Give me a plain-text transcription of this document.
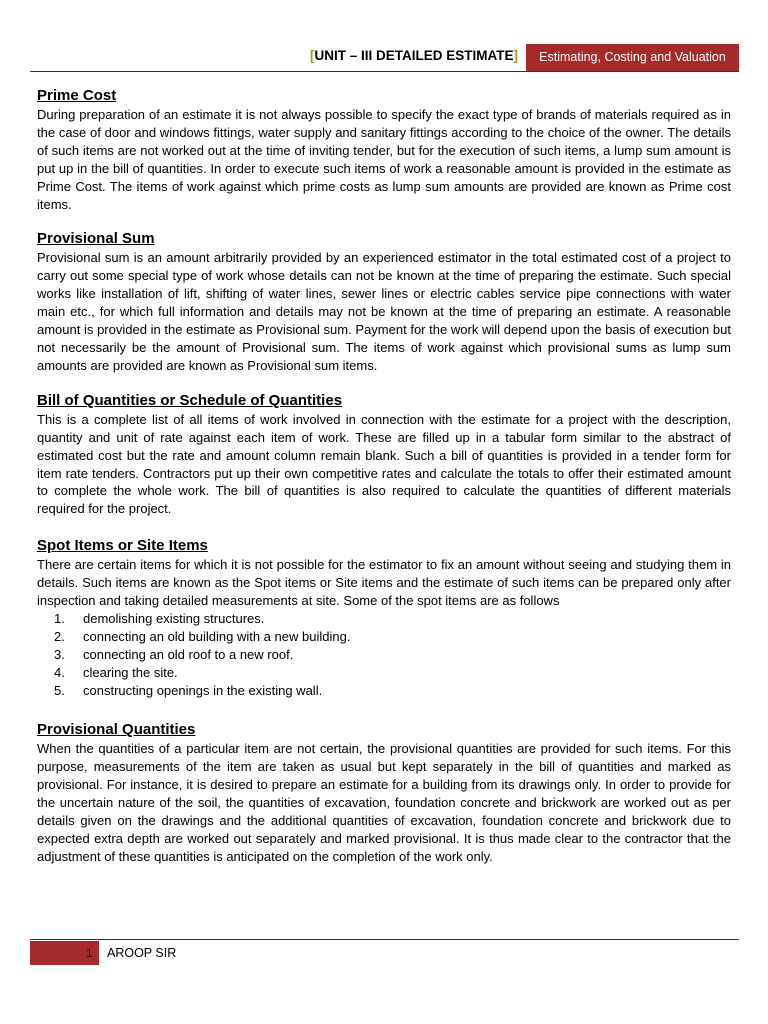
[UNIT – III DETAILED ESTIMATE]	Estimating, Costing and Valuation
Prime Cost

During preparation of an estimate it is not always possible to specify the exact type of brands of materials required as in the case of door and windows fittings, water supply and sanitary fittings according to the choice of the owner. The details of such items are not worked out at the time of inviting tender, but for the execution of such items, a lump sum amount is put up in the bill of quantities. In order to execute such items of work a reasonable amount is provided in the estimate as Prime Cost. The items of work against which prime costs as lump sum amounts are provided are known as Prime cost items.

Provisional Sum

Provisional sum is an amount arbitrarily provided by an experienced estimator in the total estimated cost of a project to carry out some special type of work whose details can not be known at the time of preparing the estimate. Such special works like installation of lift, shifting of water lines, sewer lines or electric cables service pipe connections with water main etc., for which full information and details may not be known at the time of preparing an estimate. A reasonable amount is provided in the estimate as Provisional sum. Payment for the work will depend upon the basis of execution but not necessarily be the amount of Provisional sum. The items of work against which provisional sums as lump sum amounts are provided are known as Provisional sum items.

Bill of Quantities or Schedule of Quantities

This is a complete list of all items of work involved in connection with the estimate for a project with the description, quantity and unit of rate against each item of work. These are filled up in a tabular form similar to the abstract of estimated cost but the rate and amount column remain blank. Such a bill of quantities is provided in a tender form for item rate tenders. Contractors put up their own competitive rates and calculate the totals to offer their estimated amount to complete the whole work. The bill of quantities is also required to calculate the quantities of different materials required for the project.

Spot Items or Site Items

There are certain items for which it is not possible for the estimator to fix an amount without seeing and studying them in details. Such items are known as the Spot items or Site items and the estimate of such items can be prepared only after inspection and taking detailed measurements at site. Some of the spot items are as follows

1.	demolishing existing structures.
2.	connecting an old building with a new building.
3.	connecting an old roof to a new roof.
4.	clearing the site.
5.	constructing openings in the existing wall.
Provisional Quantities

When the quantities of a particular item are not certain, the provisional quantities are provided for such items. For this purpose, measurements of the item are taken as usual but kept separately in the bill of quantities and marked as provisional. For instance, it is desired to prepare an estimate for a building from its drawings only. In order to provide for the uncertain nature of the soil, the quantities of excavation, foundation concrete and brickwork are worked out as per details given on the drawings and the additional quantities of excavation, foundation concrete and brickwork due to expected extra depth are worked out separately and marked provisional. It is thus made clear to the contractor that the adjustment of these quantities is anticipated on the completion of the work only.

1 AROOP SIR
